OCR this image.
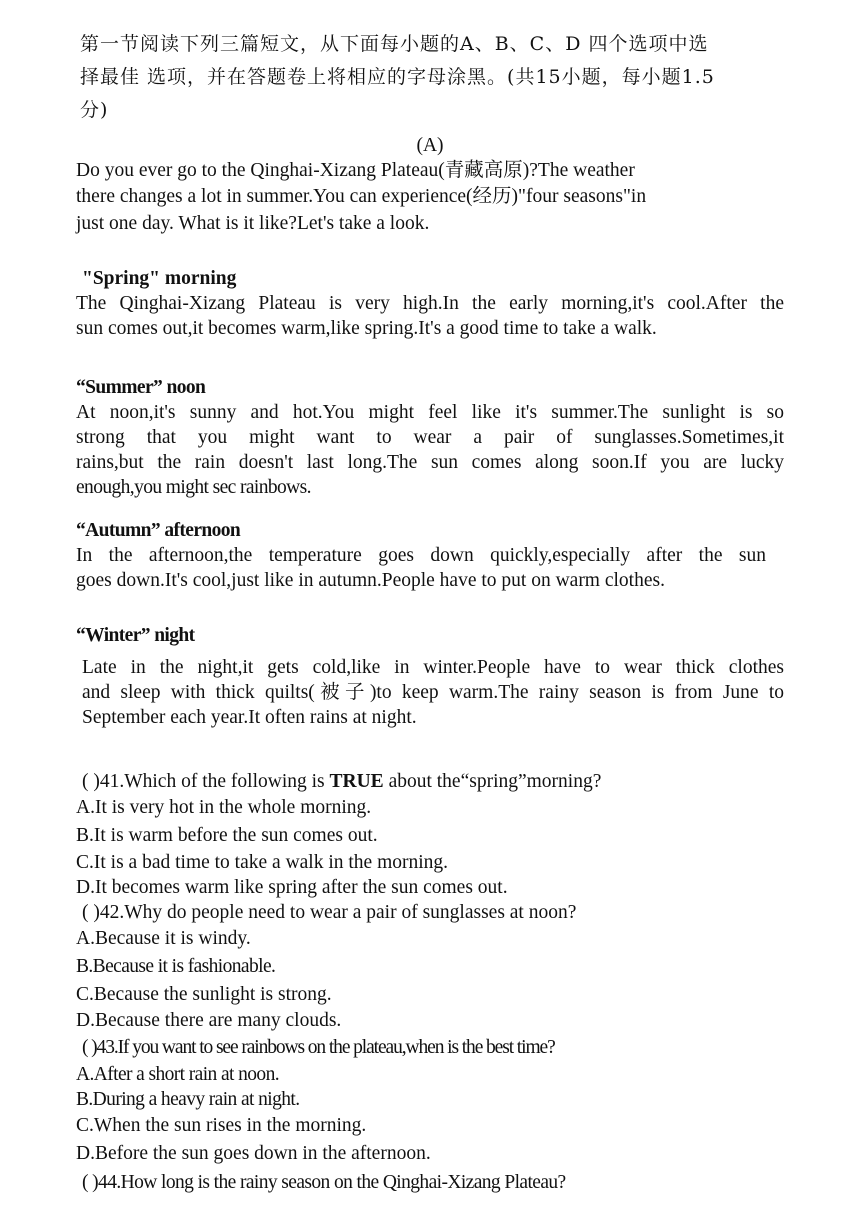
第一节阅读下列三篇短文，从下面每小题的A、B、C、D 四个选项中选
择最佳 选项，并在答题卷上将相应的字母涂黑。(共15小题，每小题1.5
分)
(A)
Do you ever go to the Qinghai-Xizang Plateau(青藏高原)?The weather
there changes a lot in summer.You can experience(经历)"four seasons"in
just one day. What is it like?Let's take a look.
"Spring" morning
The Qinghai-Xizang Plateau is very high.In the early morning,it's cool.After the
sun comes out,it becomes warm,like spring.It's a good time to take a walk.
“Summer” noon
At noon,it's sunny and hot.You might feel like it's summer.The sunlight is so
strong that you might want to wear a pair of sunglasses.Sometimes,it
rains,but the rain doesn't last long.The sun comes along soon.If you are lucky
enough,you might sec rainbows.
“Autumn” afternoon
In the afternoon,the temperature goes down quickly,especially after the sun
goes down.It's cool,just like in autumn.People have to put on warm clothes.
“Winter” night
Late in the night,it gets cold,like in winter.People have to wear thick clothes
and sleep with thick quilts(被子)to keep warm.The rainy season is from June to
September each year.It often rains at night.
( )41.Which of the following is TRUE about the“spring”morning?
A.It is very hot in the whole morning.
B.It is warm before the sun comes out.
C.It is a bad time to take a walk in the morning.
D.It becomes warm like spring after the sun comes out.
( )42.Why do people need to wear a pair of sunglasses at noon?
A.Because it is windy.
B.Because it is fashionable.
C.Because the sunlight is strong.
D.Because there are many clouds.
( )43.If you want to see rainbows on the plateau,when is the best time?
A.After a short rain at noon.
B.During a heavy rain at night.
C.When the sun rises in the morning.
D.Before the sun goes down in the afternoon.
( )44.How long is the rainy season on the Qinghai-Xizang Plateau?
